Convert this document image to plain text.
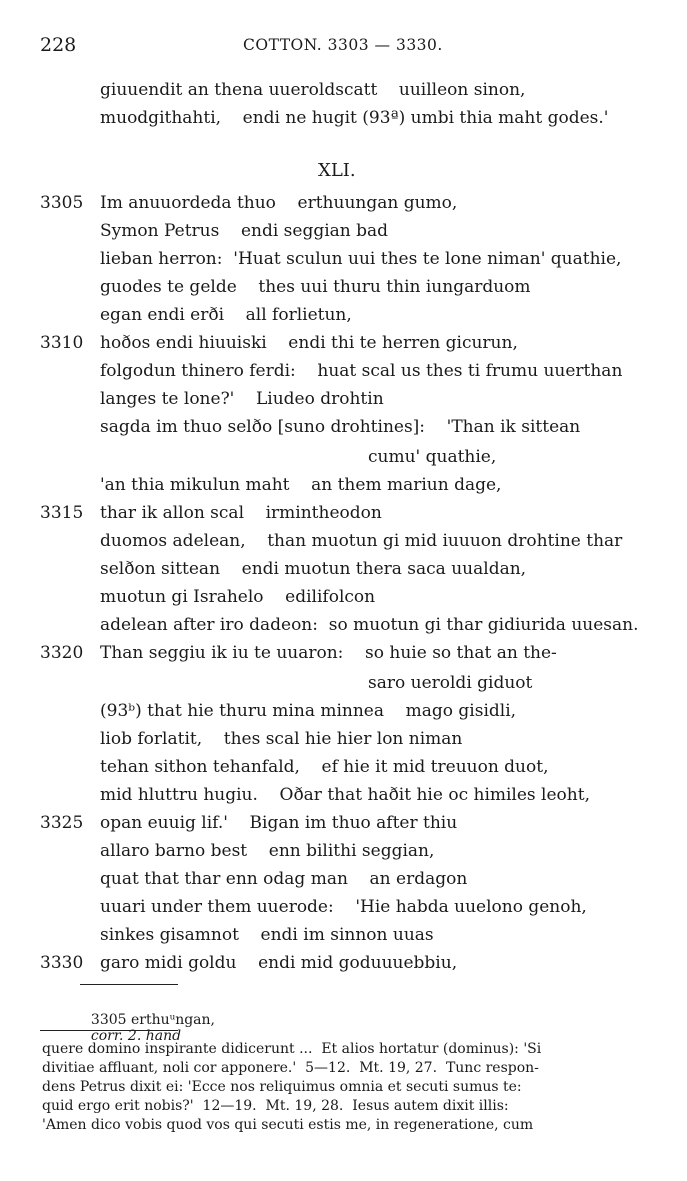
228	COTTON. 3303 — 3330.
giuuendit an thena uueroldscatt    uuilleon sinon,
muodgithahti,    endi ne hugit (93ª) umbi thia maht godes.'
XLI.
3305 Im anuuordeda thuo    erthuungan gumo,
Symon Petrus    endi seggian bad
lieban herron:  'Huat sculun uui thes te lone niman' quathie,
guodes te gelde    thes uui thuru thin iungarduom
egan endi erði    all forlietun,
3310 hoðos endi hiuuiski    endi thi te herren gicurun,
folgodun thinero ferdi:    huat scal us thes ti frumu uuerthan
langes te lone?'    Liudeo drohtin
sagda im thuo selðo [suno drohtines]:    'Than ik sittean
cumu' quathie,
'an thia mikulun maht    an them mariun dage,
3315 thar ik allon scal    irmintheodon
duomos adelean,    than muotun gi mid iuuuon drohtine thar
selðon sittean    endi muotun thera saca uualdan,
muotun gi Israhelo    edilifolcon
adelean after iro dadeon:  so muotun gi thar gidiurida uuesan.
3320 Than seggiu ik iu te uuaron:    so huie so that an the-
saro ueroldi giduot
(93ᵇ) that hie thuru mina minnea    mago gisidli,
liob forlatit,    thes scal hie hier lon niman
tehan sithon tehanfald,    ef hie it mid treuuon duot,
mid hluttru hugiu.    Oðar that haðit hie oc himiles leoht,
3325 opan euuig lif.'    Bigan im thuo after thiu
allaro barno best    enn bilithi seggian,
quat that thar enn odag man    an erdagon
uuari under them uuerode:    'Hie habda uuelono genoh,
sinkes gisamnot    endi im sinnon uuas
3330 garo midi goldu    endi mid goduuuebbiu,

3305 erthuᵘngan,
corr. 2. hand

quere domino inspirante didicerunt ...  Et alios hortatur (dominus): 'Si
divitiae affluant, noli cor apponere.'  5—12.  Mt. 19, 27.  Tunc respon-
dens Petrus dixit ei: 'Ecce nos reliquimus omnia et secuti sumus te:
quid ergo erit nobis?'  12—19.  Mt. 19, 28.  Iesus autem dixit illis:
'Amen dico vobis quod vos qui secuti estis me, in regeneratione, cum
